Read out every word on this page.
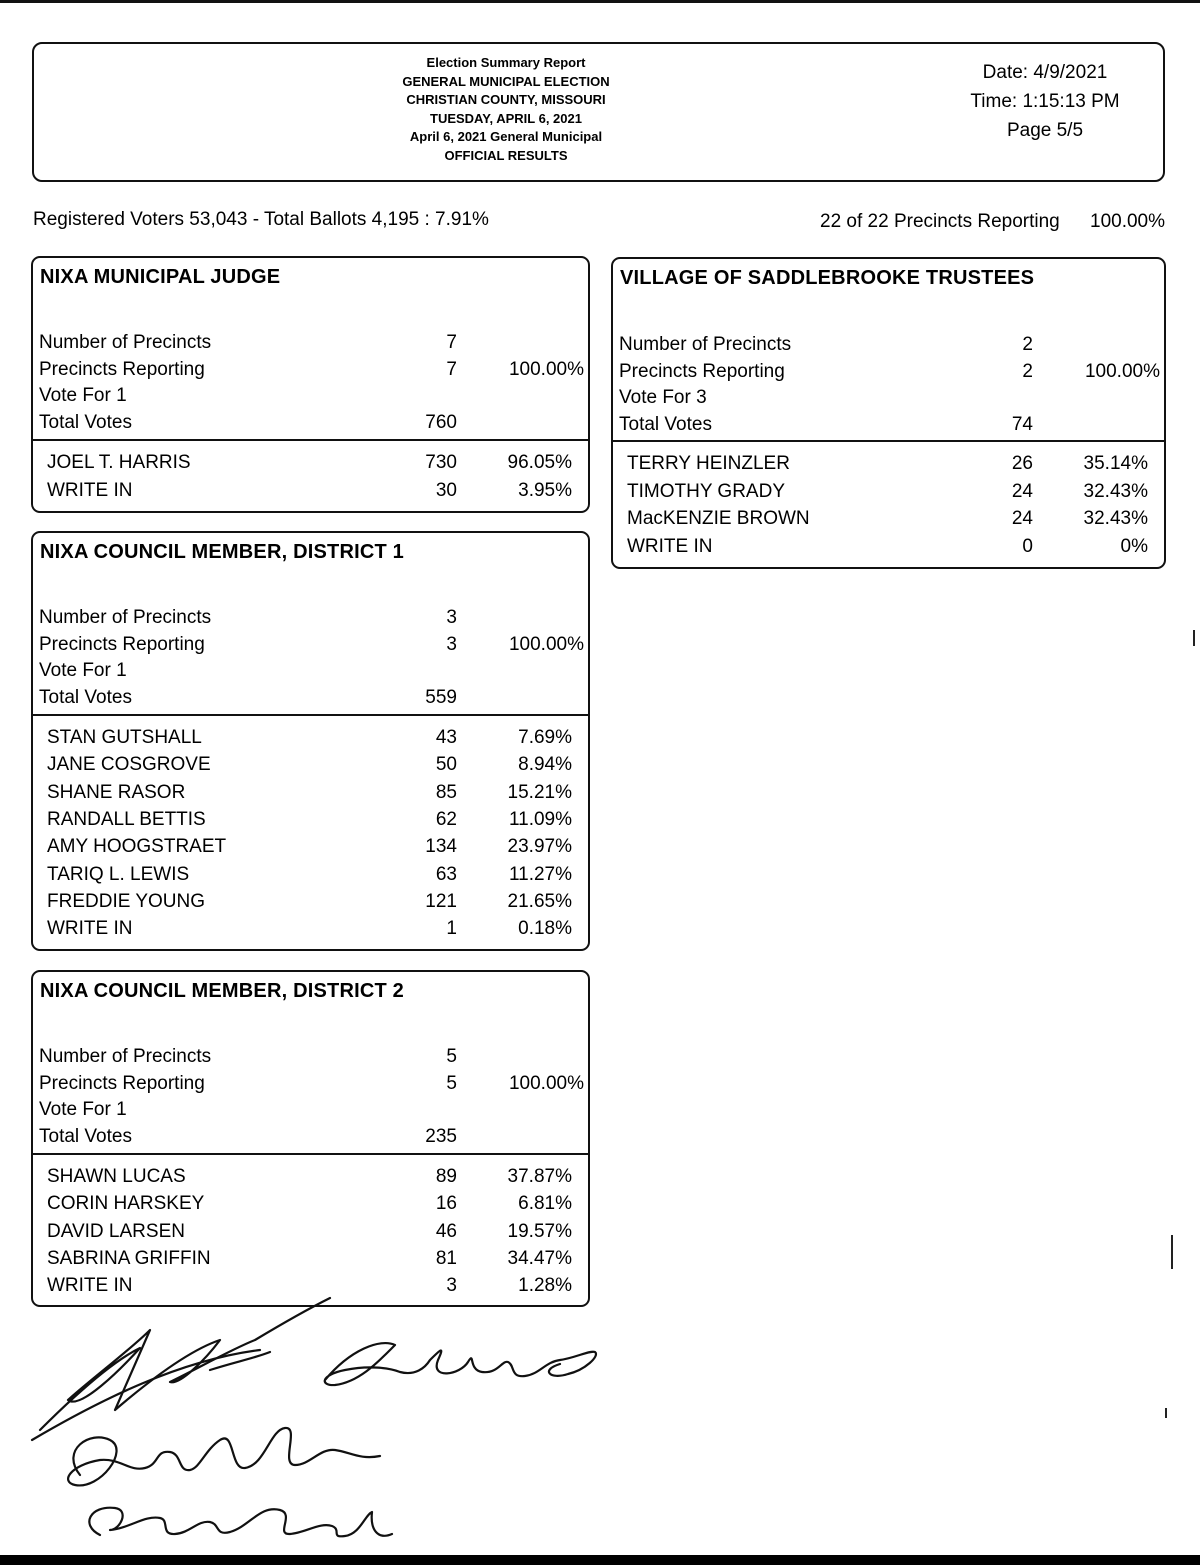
Election Summary Report
GENERAL MUNICIPAL ELECTION
CHRISTIAN COUNTY, MISSOURI
TUESDAY, APRIL 6, 2021
April 6, 2021 General Municipal
OFFICIAL RESULTS
Date: 4/9/2021
Time: 1:15:13 PM
Page 5/5
Registered Voters 53,043 - Total Ballots 4,195 : 7.91%	22 of 22 Precincts Reporting 100.00%
NIXA MUNICIPAL JUDGE
Number of Precincts	7
Precincts Reporting	7	100.00%
Vote For 1
Total Votes	760
JOEL T. HARRIS	730	96.05%
WRITE IN	30	3.95%
NIXA COUNCIL MEMBER, DISTRICT 1
Number of Precincts	3
Precincts Reporting	3	100.00%
Vote For 1
Total Votes	559
STAN GUTSHALL	43	7.69%
JANE COSGROVE	50	8.94%
SHANE RASOR	85	15.21%
RANDALL BETTIS	62	11.09%
AMY HOOGSTRAET	134	23.97%
TARIQ L. LEWIS	63	11.27%
FREDDIE YOUNG	121	21.65%
WRITE IN	1	0.18%
NIXA COUNCIL MEMBER, DISTRICT 2
Number of Precincts	5
Precincts Reporting	5	100.00%
Vote For 1
Total Votes	235
SHAWN LUCAS	89	37.87%
CORIN HARSKEY	16	6.81%
DAVID LARSEN	46	19.57%
SABRINA GRIFFIN	81	34.47%
WRITE IN	3	1.28%
VILLAGE OF SADDLEBROOKE TRUSTEES
Number of Precincts	2
Precincts Reporting	2	100.00%
Vote For 3
Total Votes	74
TERRY HEINZLER	26	35.14%
TIMOTHY GRADY	24	32.43%
MacKENZIE BROWN	24	32.43%
WRITE IN	0	0%
